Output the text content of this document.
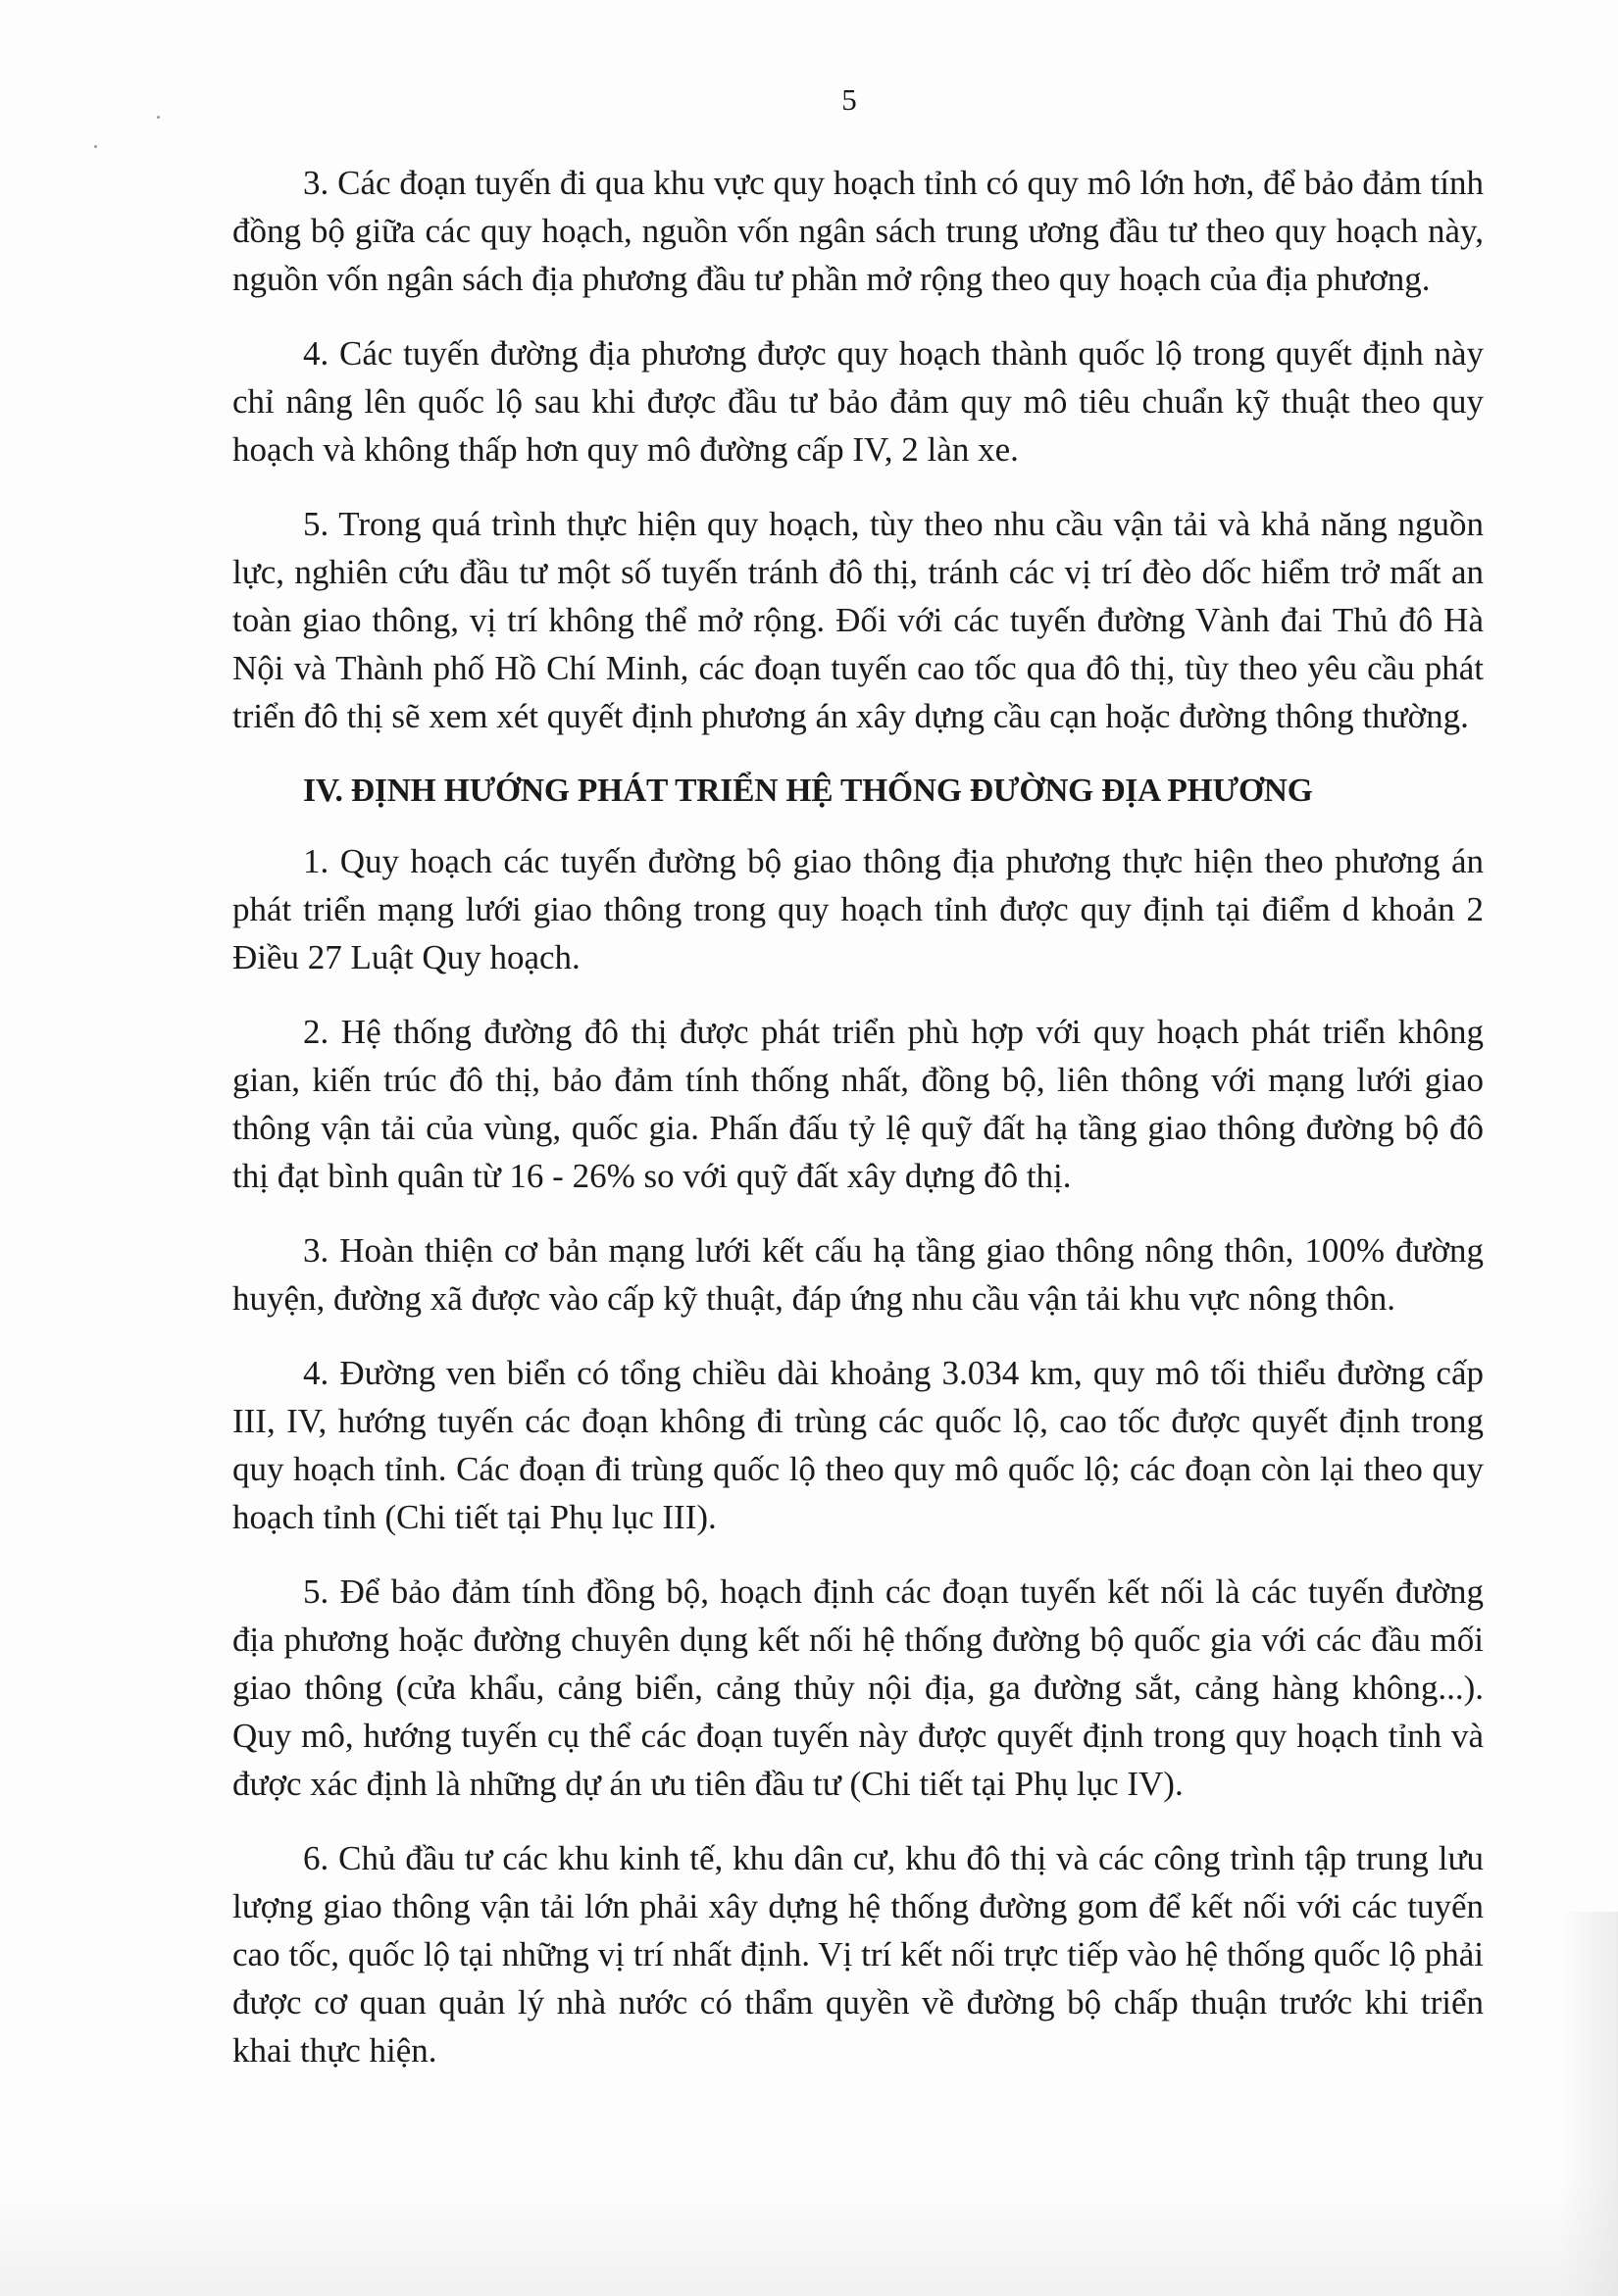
5

3. Các đoạn tuyến đi qua khu vực quy hoạch tỉnh có quy mô lớn hơn, để bảo đảm tính đồng bộ giữa các quy hoạch, nguồn vốn ngân sách trung ương đầu tư theo quy hoạch này, nguồn vốn ngân sách địa phương đầu tư phần mở rộng theo quy hoạch của địa phương.

4. Các tuyến đường địa phương được quy hoạch thành quốc lộ trong quyết định này chỉ nâng lên quốc lộ sau khi được đầu tư bảo đảm quy mô tiêu chuẩn kỹ thuật theo quy hoạch và không thấp hơn quy mô đường cấp IV, 2 làn xe.

5. Trong quá trình thực hiện quy hoạch, tùy theo nhu cầu vận tải và khả năng nguồn lực, nghiên cứu đầu tư một số tuyến tránh đô thị, tránh các vị trí đèo dốc hiểm trở mất an toàn giao thông, vị trí không thể mở rộng. Đối với các tuyến đường Vành đai Thủ đô Hà Nội và Thành phố Hồ Chí Minh, các đoạn tuyến cao tốc qua đô thị, tùy theo yêu cầu phát triển đô thị sẽ xem xét quyết định phương án xây dựng cầu cạn hoặc đường thông thường.

IV. ĐỊNH HƯỚNG PHÁT TRIỂN HỆ THỐNG ĐƯỜNG ĐỊA PHƯƠNG

1. Quy hoạch các tuyến đường bộ giao thông địa phương thực hiện theo phương án phát triển mạng lưới giao thông trong quy hoạch tỉnh được quy định tại điểm d khoản 2 Điều 27 Luật Quy hoạch.

2. Hệ thống đường đô thị được phát triển phù hợp với quy hoạch phát triển không gian, kiến trúc đô thị, bảo đảm tính thống nhất, đồng bộ, liên thông với mạng lưới giao thông vận tải của vùng, quốc gia. Phấn đấu tỷ lệ quỹ đất hạ tầng giao thông đường bộ đô thị đạt bình quân từ 16 - 26% so với quỹ đất xây dựng đô thị.

3. Hoàn thiện cơ bản mạng lưới kết cấu hạ tầng giao thông nông thôn, 100% đường huyện, đường xã được vào cấp kỹ thuật, đáp ứng nhu cầu vận tải khu vực nông thôn.

4. Đường ven biển có tổng chiều dài khoảng 3.034 km, quy mô tối thiểu đường cấp III, IV, hướng tuyến các đoạn không đi trùng các quốc lộ, cao tốc được quyết định trong quy hoạch tỉnh. Các đoạn đi trùng quốc lộ theo quy mô quốc lộ; các đoạn còn lại theo quy hoạch tỉnh (Chi tiết tại Phụ lục III).

5. Để bảo đảm tính đồng bộ, hoạch định các đoạn tuyến kết nối là các tuyến đường địa phương hoặc đường chuyên dụng kết nối hệ thống đường bộ quốc gia với các đầu mối giao thông (cửa khẩu, cảng biển, cảng thủy nội địa, ga đường sắt, cảng hàng không...). Quy mô, hướng tuyến cụ thể các đoạn tuyến này được quyết định trong quy hoạch tỉnh và được xác định là những dự án ưu tiên đầu tư (Chi tiết tại Phụ lục IV).

6. Chủ đầu tư các khu kinh tế, khu dân cư, khu đô thị và các công trình tập trung lưu lượng giao thông vận tải lớn phải xây dựng hệ thống đường gom để kết nối với các tuyến cao tốc, quốc lộ tại những vị trí nhất định. Vị trí kết nối trực tiếp vào hệ thống quốc lộ phải được cơ quan quản lý nhà nước có thẩm quyền về đường bộ chấp thuận trước khi triển khai thực hiện.
